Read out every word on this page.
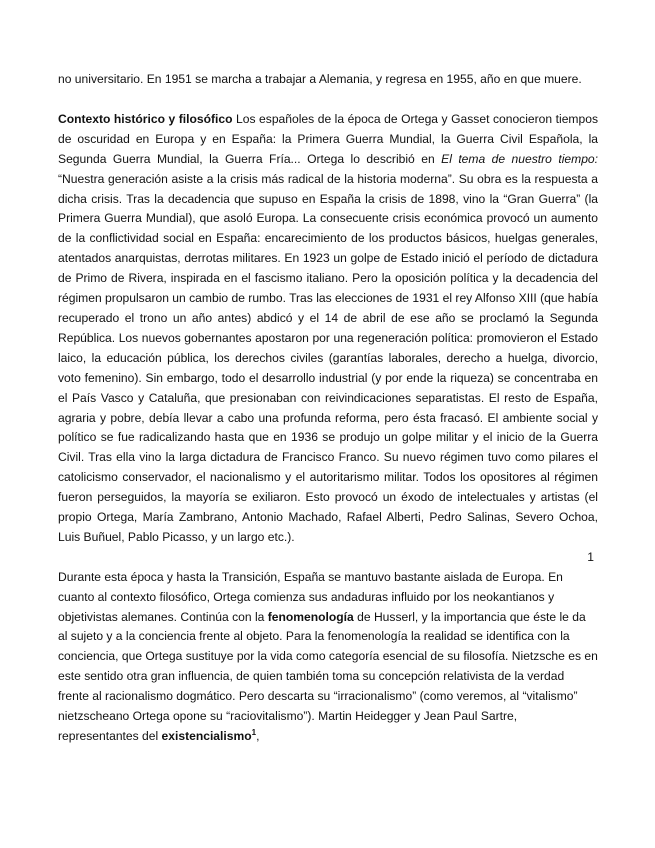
no universitario. En 1951 se marcha a trabajar a Alemania, y regresa en 1955, año en que muere.

Contexto histórico y filosófico Los españoles de la época de Ortega y Gasset conocieron tiempos de oscuridad en Europa y en España: la Primera Guerra Mundial, la Guerra Civil Española, la Segunda Guerra Mundial, la Guerra Fría... Ortega lo describió en El tema de nuestro tiempo: “Nuestra generación asiste a la crisis más radical de la historia moderna”. Su obra es la respuesta a dicha crisis. Tras la decadencia que supuso en España la crisis de 1898, vino la “Gran Guerra” (la Primera Guerra Mundial), que asoló Europa. La consecuente crisis económica provocó un aumento de la conflictividad social en España: encarecimiento de los productos básicos, huelgas generales, atentados anarquistas, derrotas militares. En 1923 un golpe de Estado inició el período de dictadura de Primo de Rivera, inspirada en el fascismo italiano. Pero la oposición política y la decadencia del régimen propulsaron un cambio de rumbo. Tras las elecciones de 1931 el rey Alfonso XIII (que había recuperado el trono un año antes) abdicó y el 14 de abril de ese año se proclamó la Segunda República. Los nuevos gobernantes apostaron por una regeneración política: promovieron el Estado laico, la educación pública, los derechos civiles (garantías laborales, derecho a huelga, divorcio, voto femenino). Sin embargo, todo el desarrollo industrial (y por ende la riqueza) se concentraba en el País Vasco y Cataluña, que presionaban con reivindicaciones separatistas. El resto de España, agraria y pobre, debía llevar a cabo una profunda reforma, pero ésta fracasó. El ambiente social y político se fue radicalizando hasta que en 1936 se produjo un golpe militar y el inicio de la Guerra Civil. Tras ella vino la larga dictadura de Francisco Franco. Su nuevo régimen tuvo como pilares el catolicismo conservador, el nacionalismo y el autoritarismo militar. Todos los opositores al régimen fueron perseguidos, la mayoría se exiliaron. Esto provocó un éxodo de intelectuales y artistas (el propio Ortega, María Zambrano, Antonio Machado, Rafael Alberti, Pedro Salinas, Severo Ochoa, Luis Buñuel, Pablo Picasso, y un largo etc.).

1

Durante esta época y hasta la Transición, España se mantuvo bastante aislada de Europa. En cuanto al contexto filosófico, Ortega comienza sus andaduras influido por los neokantianos y objetivistas alemanes. Continúa con la fenomenología de Husserl, y la importancia que éste le da al sujeto y a la conciencia frente al objeto. Para la fenomenología la realidad se identifica con la conciencia, que Ortega sustituye por la vida como categoría esencial de su filosofía. Nietzsche es en este sentido otra gran influencia, de quien también toma su concepción relativista de la verdad frente al racionalismo dogmático. Pero descarta su “irracionalismo” (como veremos, al “vitalismo” nietzscheano Ortega opone su “raciovitalismo”). Martin Heidegger y Jean Paul Sartre, representantes del existencialismo$^1$,
